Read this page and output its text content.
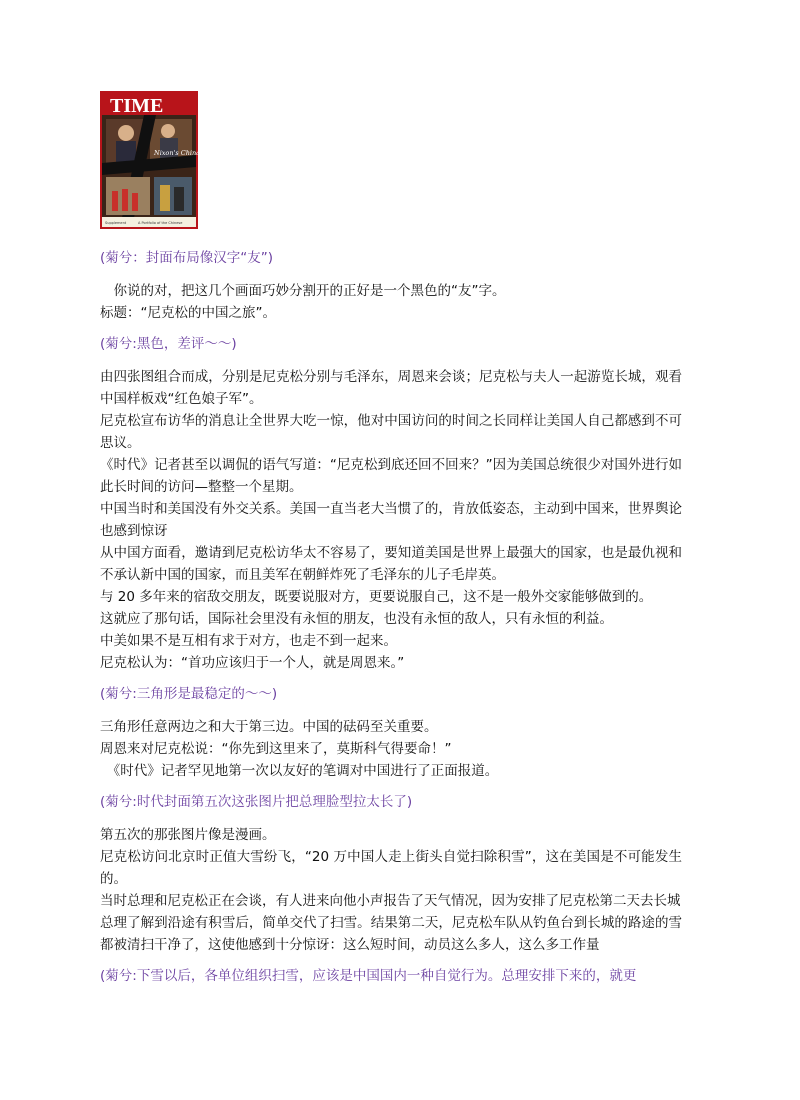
TIME
Nixon's China Odyssey
Supplement	A Portfolio of the Chinese
(菊兮：封面布局像汉字“友”)

　你说的对，把这几个画面巧妙分割开的正好是一个黑色的“友”字。

标题：“尼克松的中国之旅”。

(菊兮:黑色，差评～～)

由四张图组合而成，分别是尼克松分别与毛泽东，周恩来会谈；尼克松与夫人一起游览长城，观看中国样板戏“红色娘子军”。

尼克松宣布访华的消息让全世界大吃一惊，他对中国访问的时间之长同样让美国人自己都感到不可思议。

《时代》记者甚至以调侃的语气写道：“尼克松到底还回不回来？”因为美国总统很少对国外进行如此长时间的访问—整整一个星期。

中国当时和美国没有外交关系。美国一直当老大当惯了的，肯放低姿态，主动到中国来，世界舆论也感到惊讶

从中国方面看，邀请到尼克松访华太不容易了，要知道美国是世界上最强大的国家，也是最仇视和不承认新中国的国家，而且美军在朝鲜炸死了毛泽东的儿子毛岸英。

与 20 多年来的宿敌交朋友，既要说服对方，更要说服自己，这不是一般外交家能够做到的。

这就应了那句话，国际社会里没有永恒的朋友，也没有永恒的敌人，只有永恒的利益。

中美如果不是互相有求于对方，也走不到一起来。

尼克松认为：“首功应该归于一个人，就是周恩来。”

(菊兮:三角形是最稳定的～～)

三角形任意两边之和大于第三边。中国的砝码至关重要。

周恩来对尼克松说：“你先到这里来了，莫斯科气得要命！”

　《时代》记者罕见地第一次以友好的笔调对中国进行了正面报道。

(菊兮:时代封面第五次这张图片把总理脸型拉太长了)

第五次的那张图片像是漫画。

尼克松访问北京时正值大雪纷飞，“20 万中国人走上街头自觉扫除积雪”，这在美国是不可能发生的。

当时总理和尼克松正在会谈，有人进来向他小声报告了天气情况，因为安排了尼克松第二天去长城

总理了解到沿途有积雪后，简单交代了扫雪。结果第二天，尼克松车队从钓鱼台到长城的路途的雪都被清扫干净了，这使他感到十分惊讶：这么短时间，动员这么多人，这么多工作量

(菊兮:下雪以后，各单位组织扫雪，应该是中国国内一种自觉行为。总理安排下来的，就更
